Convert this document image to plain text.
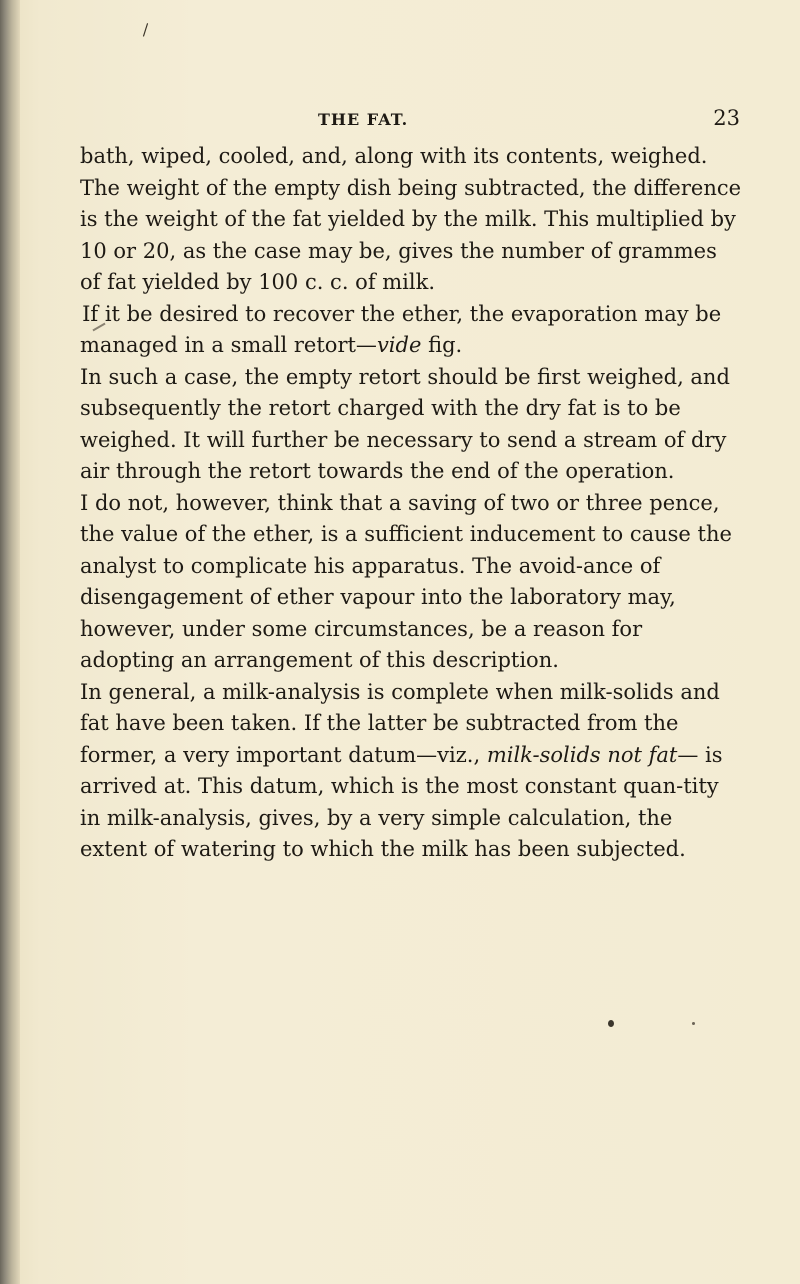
\
THE FAT.	23

bath, wiped, cooled, and, along with its contents, weighed. The weight of the empty dish being subtracted, the difference is the weight of the fat yielded by the milk. This multiplied by 10 or 20, as the case may be, gives the number of grammes of fat yielded by 100 c. c. of milk.

 If it be desired to recover the ether, the evaporation may be managed in a small retort—vide fig.

In such a case, the empty retort should be first weighed, and subsequently the retort charged with the dry fat is to be weighed. It will further be necessary to send a stream of dry air through the retort towards the end of the operation.

I do not, however, think that a saving of two or three pence, the value of the ether, is a sufficient inducement to cause the analyst to complicate his apparatus. The avoid-ance of disengagement of ether vapour into the laboratory may, however, under some circumstances, be a reason for adopting an arrangement of this description.

In general, a milk-analysis is complete when milk-solids and fat have been taken. If the latter be subtracted from the former, a very important datum—viz., milk-solids not fat— is arrived at. This datum, which is the most constant quan-tity in milk-analysis, gives, by a very simple calculation, the extent of watering to which the milk has been subjected.
